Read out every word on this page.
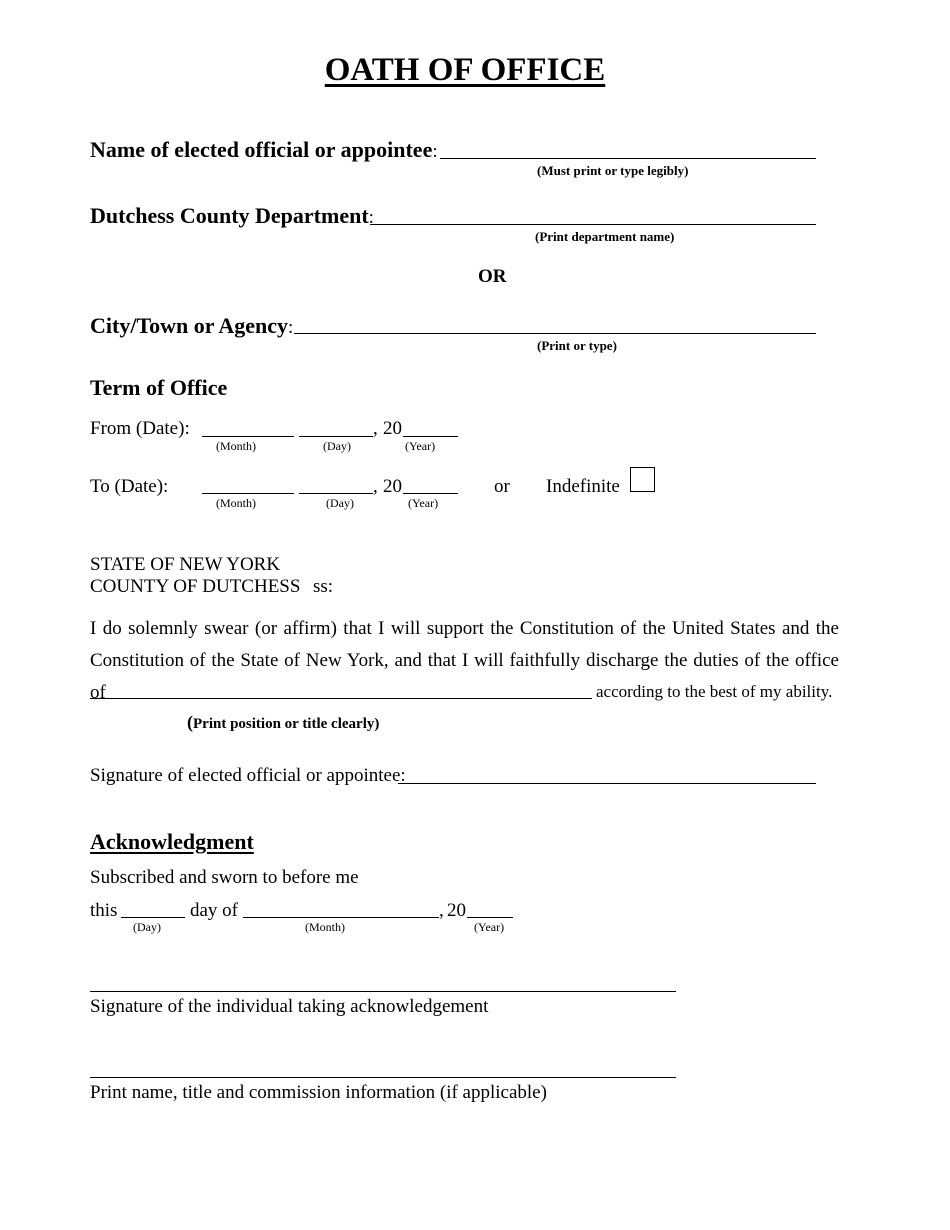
OATH OF OFFICE
Name of elected official or appointee:
(Must print or type legibly)
Dutchess County Department:
(Print department name)
OR
City/Town or Agency:
(Print or type)
Term of Office
From (Date):	, 20
(Month)	(Day)	(Year)
To (Date):	, 20
(Month)	(Day)	(Year)
or Indefinite
STATE OF NEW YORK
COUNTY OF DUTCHESS ss:
I do solemnly swear (or affirm) that I will support the Constitution of the United States and the
Constitution of the State of New York, and that I will faithfully discharge the duties of the office of	according to the best of my ability.
(Print position or title clearly)
Signature of elected official or appointee:
Acknowledgment
Subscribed and sworn to before me
this	day of	, 20
(Day)	(Month)	(Year)
Signature of the individual taking acknowledgement
Print name, title and commission information (if applicable)
